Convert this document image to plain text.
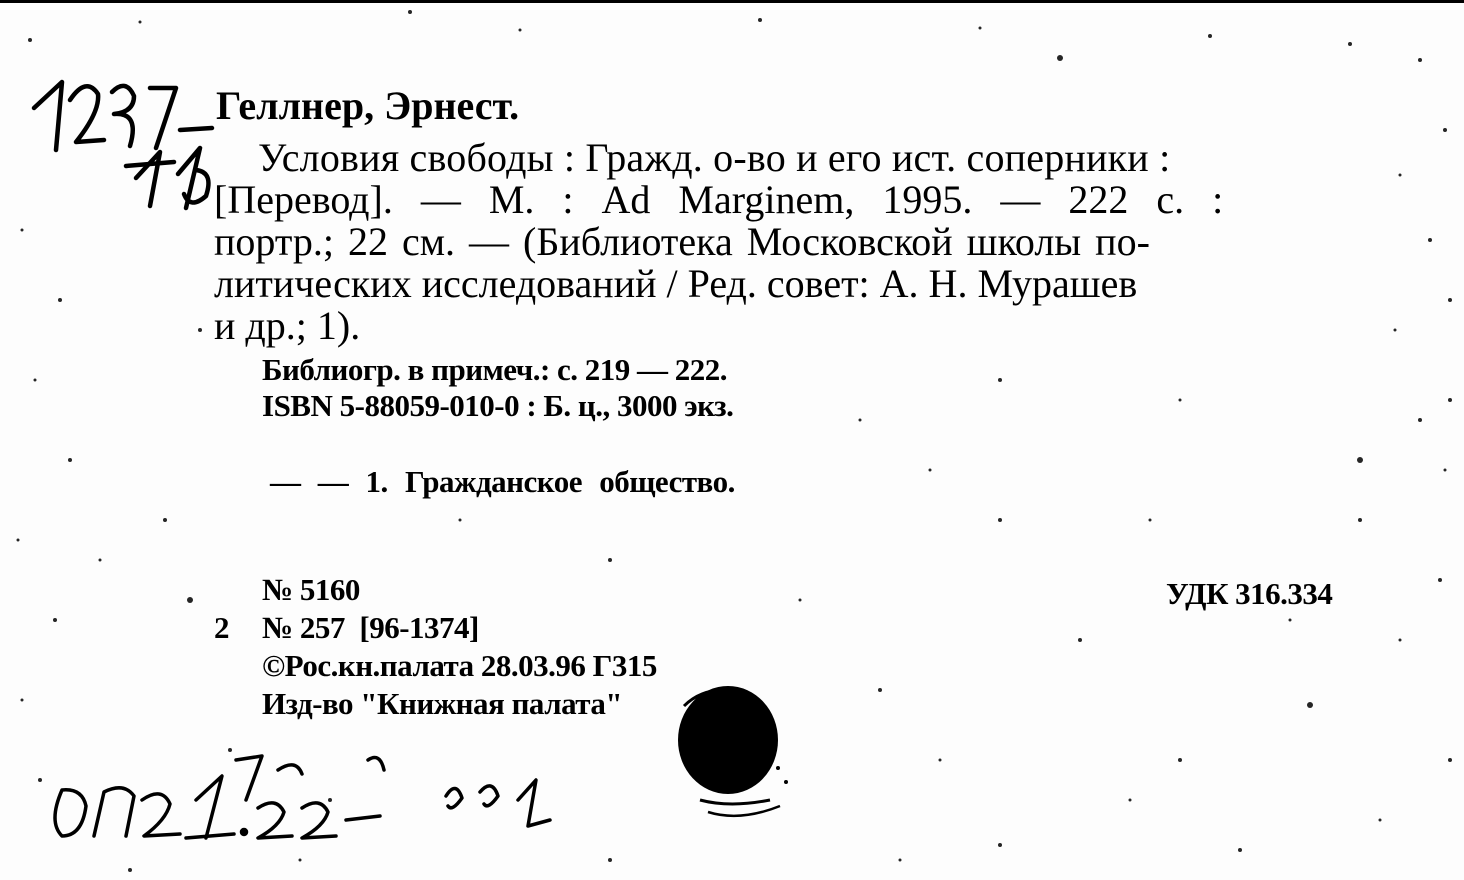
Геллнер, Эрнест.
Условия свободы : Гражд. о-во и его ист. соперники :
[Перевод]. — М. : Ad Marginem, 1995. — 222 с. :
портр.; 22 см. — (Библиотека Московской школы по-
литических исследований / Ред. совет: А. Н. Мурашев
и др.; 1).
Библиогр. в примеч.: с. 219 — 222.
ISBN 5-88059-010-0 : Б. ц., 3000 экз.
— — 1. Гражданское общество.
№ 5160
2 № 257  [96-1374]
©Рос.кн.палата 28.03.96 Г315
Изд-во "Книжная палата"
УДК 316.334
